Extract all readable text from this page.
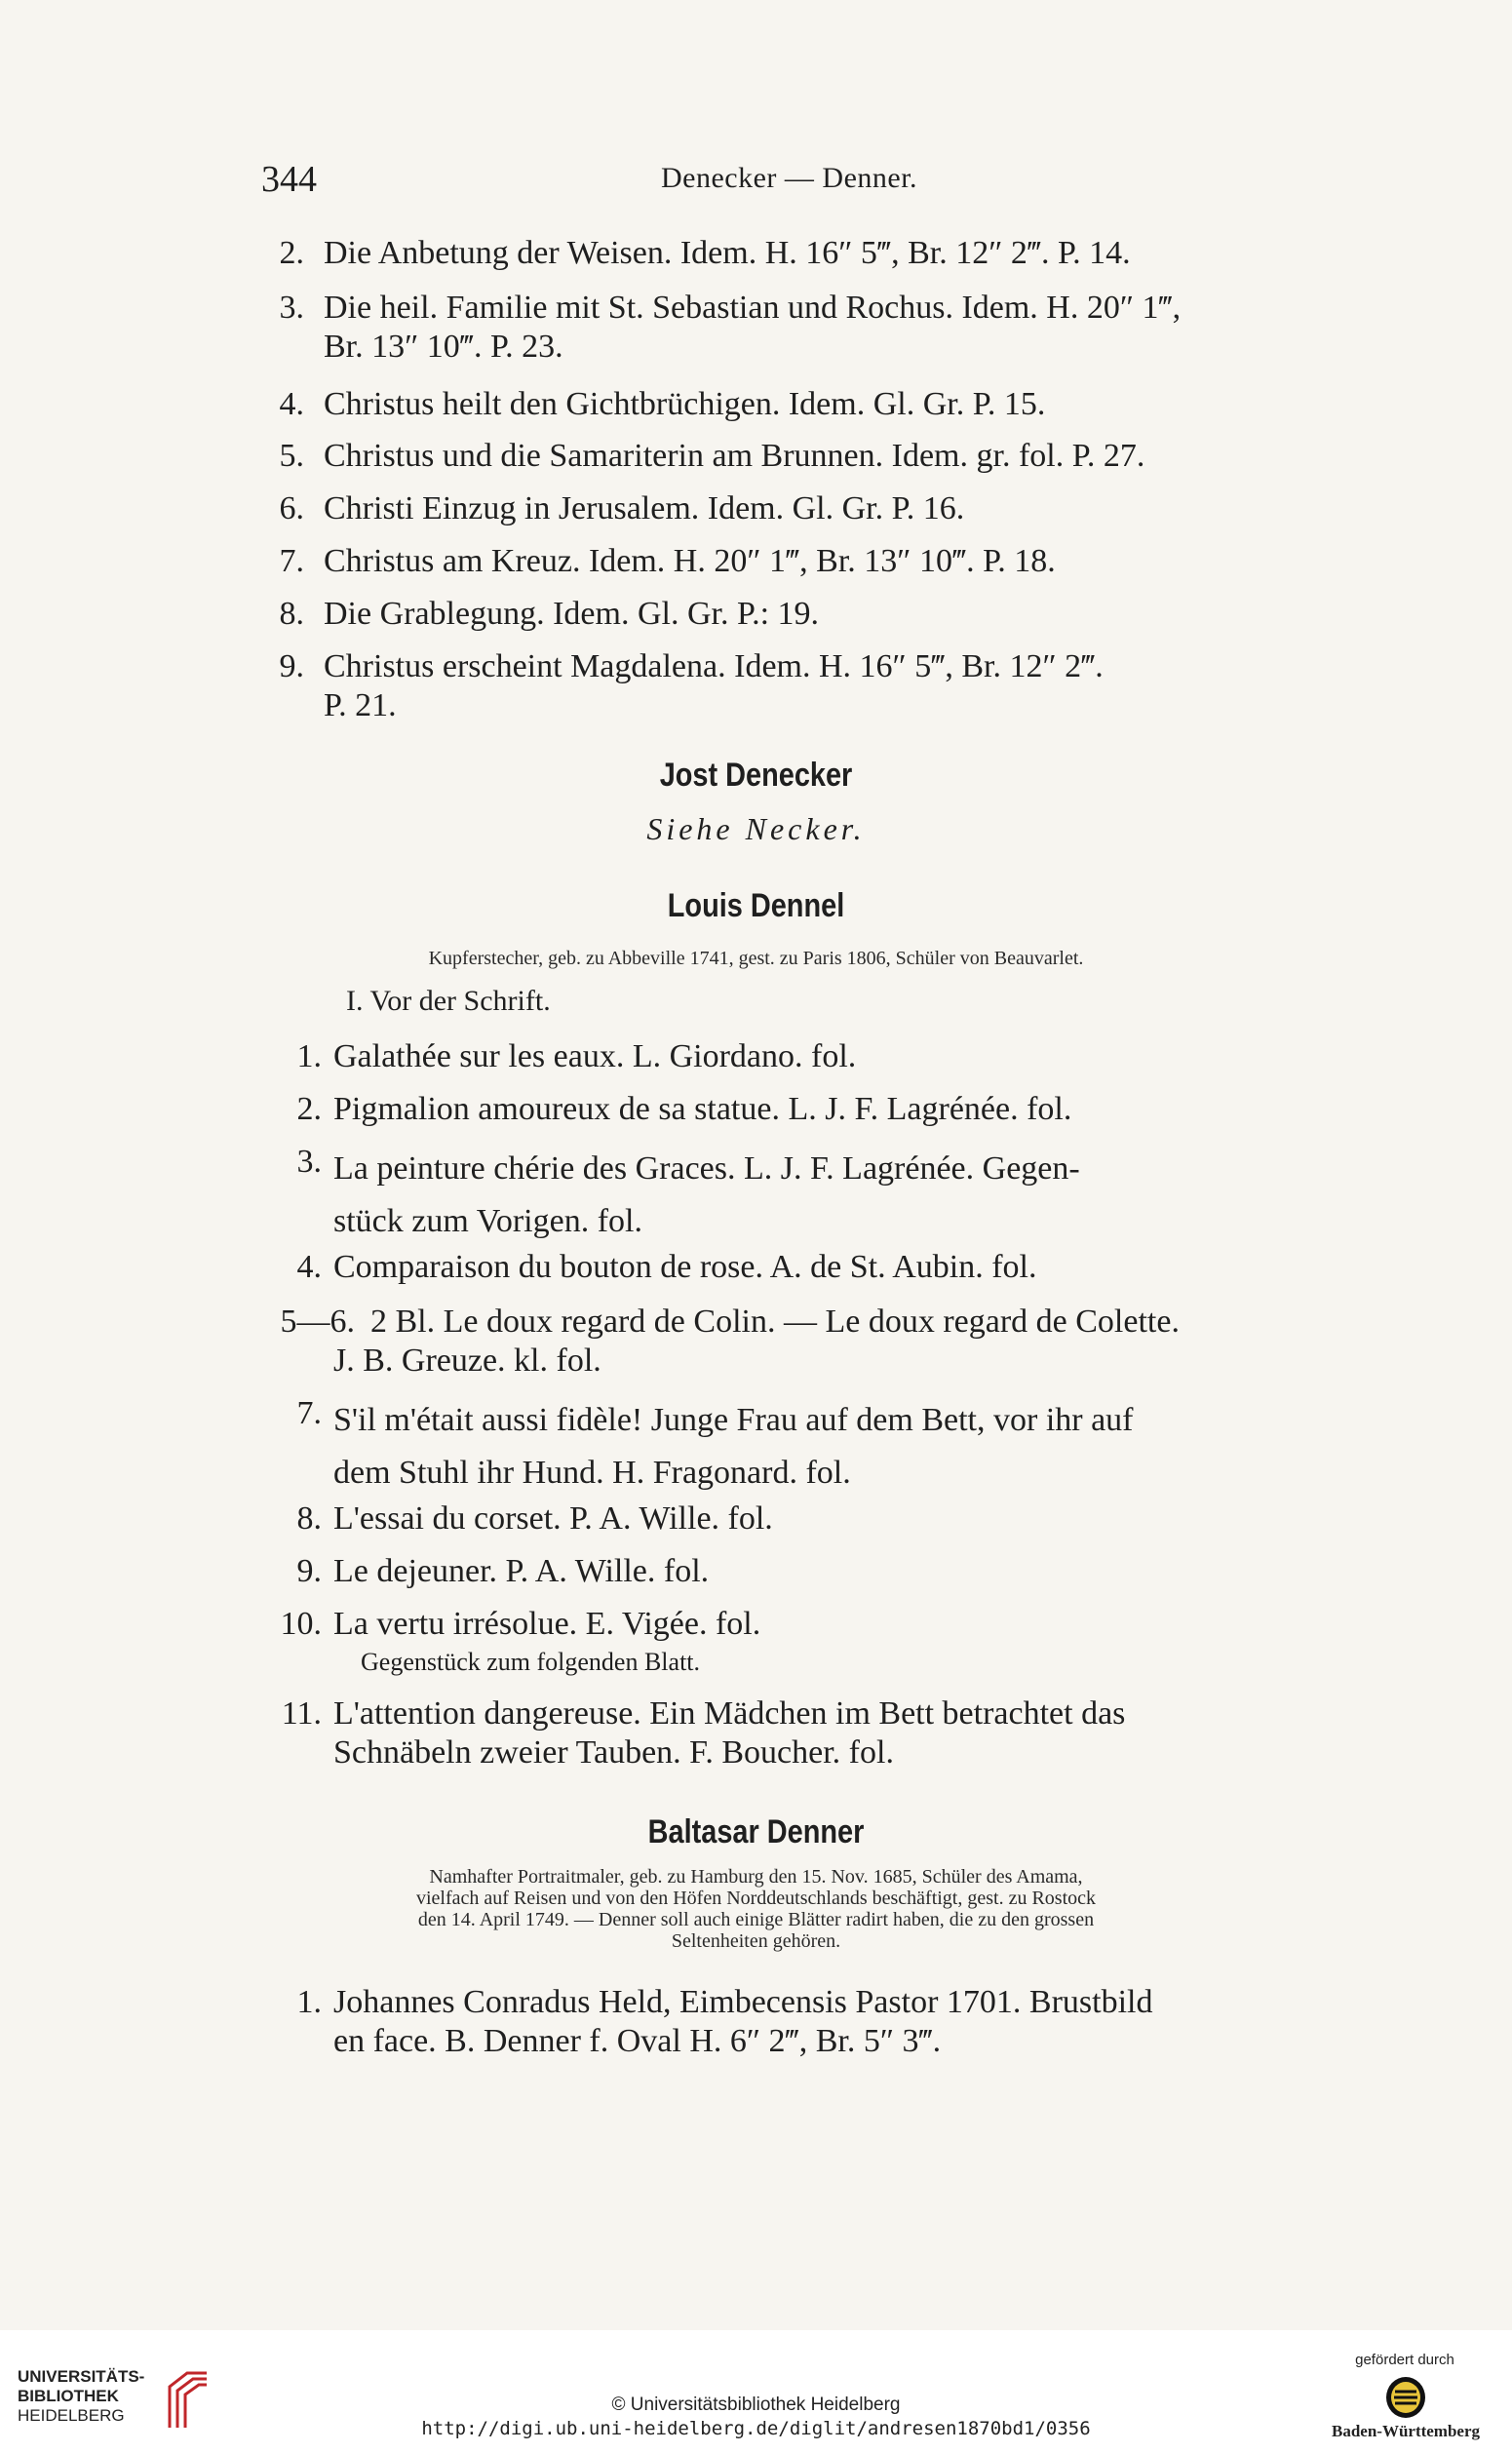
344	Denecker — Denner.
2. Die Anbetung der Weisen. Idem. H. 16″ 5‴, Br. 12″ 2‴. P. 14.
3. Die heil. Familie mit St. Sebastian und Rochus. Idem. H. 20″ 1‴,
Br. 13″ 10‴. P. 23.
4. Christus heilt den Gichtbrüchigen. Idem. Gl. Gr. P. 15.
5. Christus und die Samariterin am Brunnen. Idem. gr. fol. P. 27.
6. Christi Einzug in Jerusalem. Idem. Gl. Gr. P. 16.
7. Christus am Kreuz. Idem. H. 20″ 1‴, Br. 13″ 10‴. P. 18.
8. Die Grablegung. Idem. Gl. Gr. P.: 19.
9. Christus erscheint Magdalena. Idem. H. 16″ 5‴, Br. 12″ 2‴.
P. 21.
Jost Denecker
Siehe Necker.
Louis Dennel
Kupferstecher, geb. zu Abbeville 1741, gest. zu Paris 1806, Schüler von Beauvarlet.
I. Vor der Schrift.
1. Galathée sur les eaux. L. Giordano. fol.
2. Pigmalion amoureux de sa statue. L. J. F. Lagrénée. fol.
3. La peinture chérie des Graces. L. J. F. Lagrénée. Gegen-
stück zum Vorigen. fol.
4. Comparaison du bouton de rose. A. de St. Aubin. fol.
5—6. 2 Bl. Le doux regard de Colin. — Le doux regard de Colette.
J. B. Greuze. kl. fol.
7. S'il m'était aussi fidèle! Junge Frau auf dem Bett, vor ihr auf
dem Stuhl ihr Hund. H. Fragonard. fol.
8. L'essai du corset. P. A. Wille. fol.
9. Le dejeuner. P. A. Wille. fol.
10. La vertu irrésolue. E. Vigée. fol.
Gegenstück zum folgenden Blatt.
11. L'attention dangereuse. Ein Mädchen im Bett betrachtet das
Schnäbeln zweier Tauben. F. Boucher. fol.
Baltasar Denner
Namhafter Portraitmaler, geb. zu Hamburg den 15. Nov. 1685, Schüler des Amama,
vielfach auf Reisen und von den Höfen Norddeutschlands beschäftigt, gest. zu Rostock
den 14. April 1749. — Denner soll auch einige Blätter radirt haben, die zu den grossen
Seltenheiten gehören.
1. Johannes Conradus Held, Eimbecensis Pastor 1701. Brustbild
en face. B. Denner f. Oval H. 6″ 2‴, Br. 5″ 3‴.
UNIVERSITÄTS-
BIBLIOTHEK
HEIDELBERG
© Universitätsbibliothek Heidelberg
http://digi.ub.uni-heidelberg.de/diglit/andresen1870bd1/0356
gefördert durch
Baden-Württemberg
